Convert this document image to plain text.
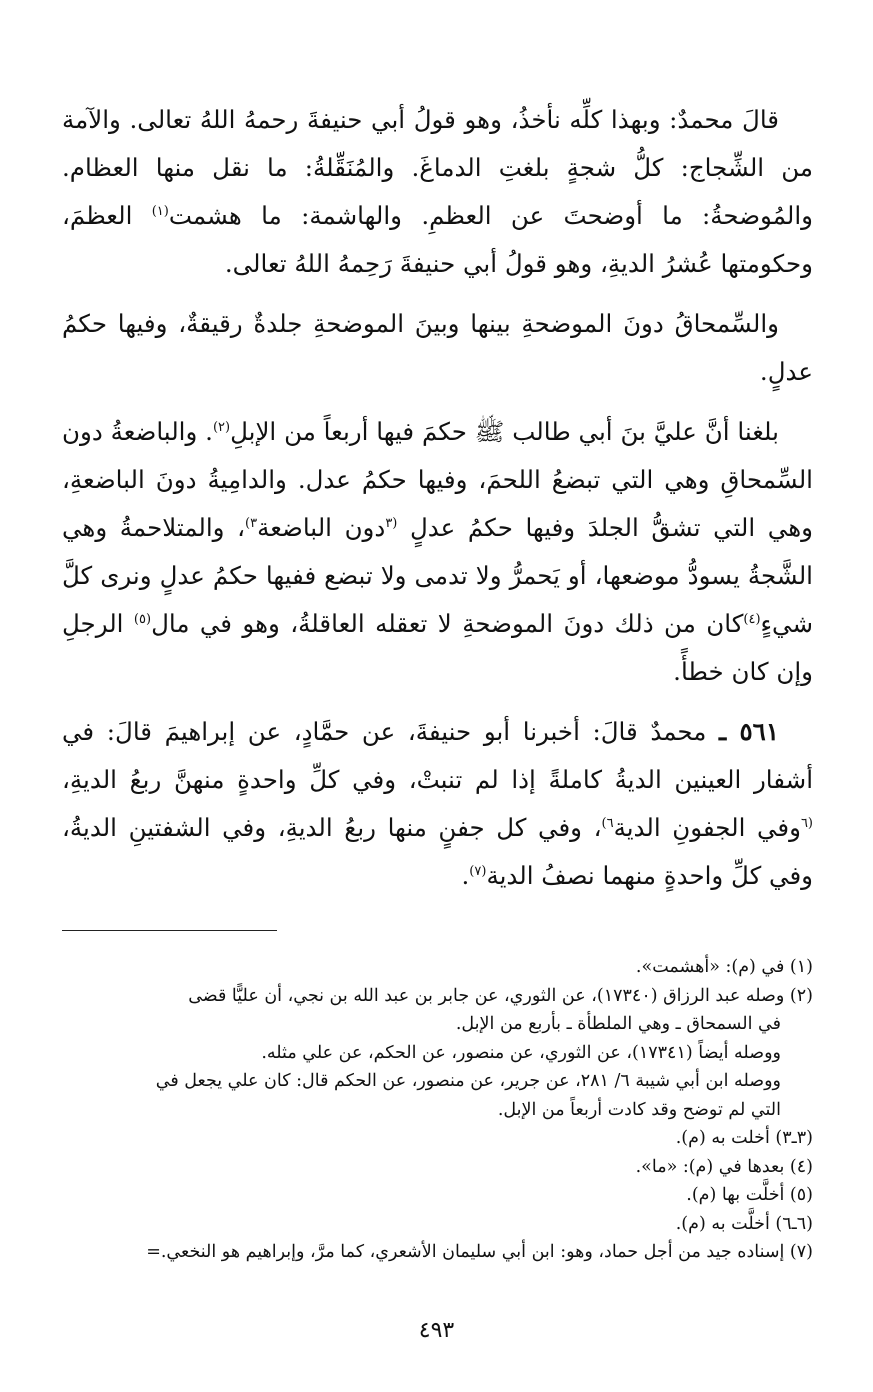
قالَ محمدٌ: وبهذا كلِّه نأخذُ، وهو قولُ أبي حنيفةَ رحمهُ اللهُ تعالى. والآمة من الشِّجاج: كلُّ شجةٍ بلغتِ الدماغَ. والمُنَقِّلةُ: ما نقل منها العظام. والمُوضحةُ: ما أوضحتَ عن العظمِ. والهاشمة: ما هشمت$^{(١)}$ العظمَ، وحكومتها عُشرُ الديةِ، وهو قولُ أبي حنيفةَ رَحِمهُ اللهُ تعالى.

والسِّمحاقُ دونَ الموضحةِ بينها وبينَ الموضحةِ جلدةٌ رقيقةٌ، وفيها حكمُ عدلٍ.

بلغنا أنَّ عليَّ بنَ أبي طالب ﷺ حكمَ فيها أربعاً من الإبلِ$^{(٢)}$. والباضعةُ دون السِّمحاقِ وهي التي تبضعُ اللحمَ، وفيها حكمُ عدل. والدامِيةُ دونَ الباضعةِ، وهي التي تشقُّ الجلدَ وفيها حكمُ عدلٍ $^{(٣}$دون الباضعة$^{٣)}$، والمتلاحمةُ وهي الشَّجةُ يسودُّ موضعها، أو يَحمرُّ ولا تدمى ولا تبضع ففيها حكمُ عدلٍ ونرى كلَّ شيءٍ$^{(٤)}$كان من ذلك دونَ الموضحةِ لا تعقله العاقلةُ، وهو في مال$^{(٥)}$ الرجلِ وإن كان خطأً.

٥٦١ ـ محمدٌ قالَ: أخبرنا أبو حنيفةَ، عن حمَّادٍ، عن إبراهيمَ قالَ: في أشفار العينين الديةُ كاملةً إذا لم تنبتْ، وفي كلِّ واحدةٍ منهنَّ ربعُ الديةِ، $^{(٦}$وفي الجفونِ الدية$^{٦)}$، وفي كل جفنٍ منها ربعُ الديةِ، وفي الشفتينِ الديةُ، وفي كلِّ واحدةٍ منهما نصفُ الدية$^{(٧)}$.

(١) في (م): «أهشمت».

(٢) وصله عبد الرزاق (١٧٣٤٠)، عن الثوري، عن جابر بن عبد الله بن نجي، أن عليًّا قضى

في السمحاق ـ وهي الملطأة ـ بأربع من الإبل.

ووصله أيضاً (١٧٣٤١)، عن الثوري، عن منصور، عن الحكم، عن علي مثله.

ووصله ابن أبي شيبة ٦/ ٢٨١، عن جرير، عن منصور، عن الحكم قال: كان علي يجعل في

التي لم توضح وقد كادت أربعاً من الإبل.

(٣ـ٣) أخلت به (م).

(٤) بعدها في (م): «ما».

(٥) أخلَّت بها (م).

(٦ـ٦) أخلَّت به (م).

(٧) إسناده جيد من أجل حماد، وهو: ابن أبي سليمان الأشعري، كما مرَّ، وإبراهيم هو النخعي.=

٤٩٣
